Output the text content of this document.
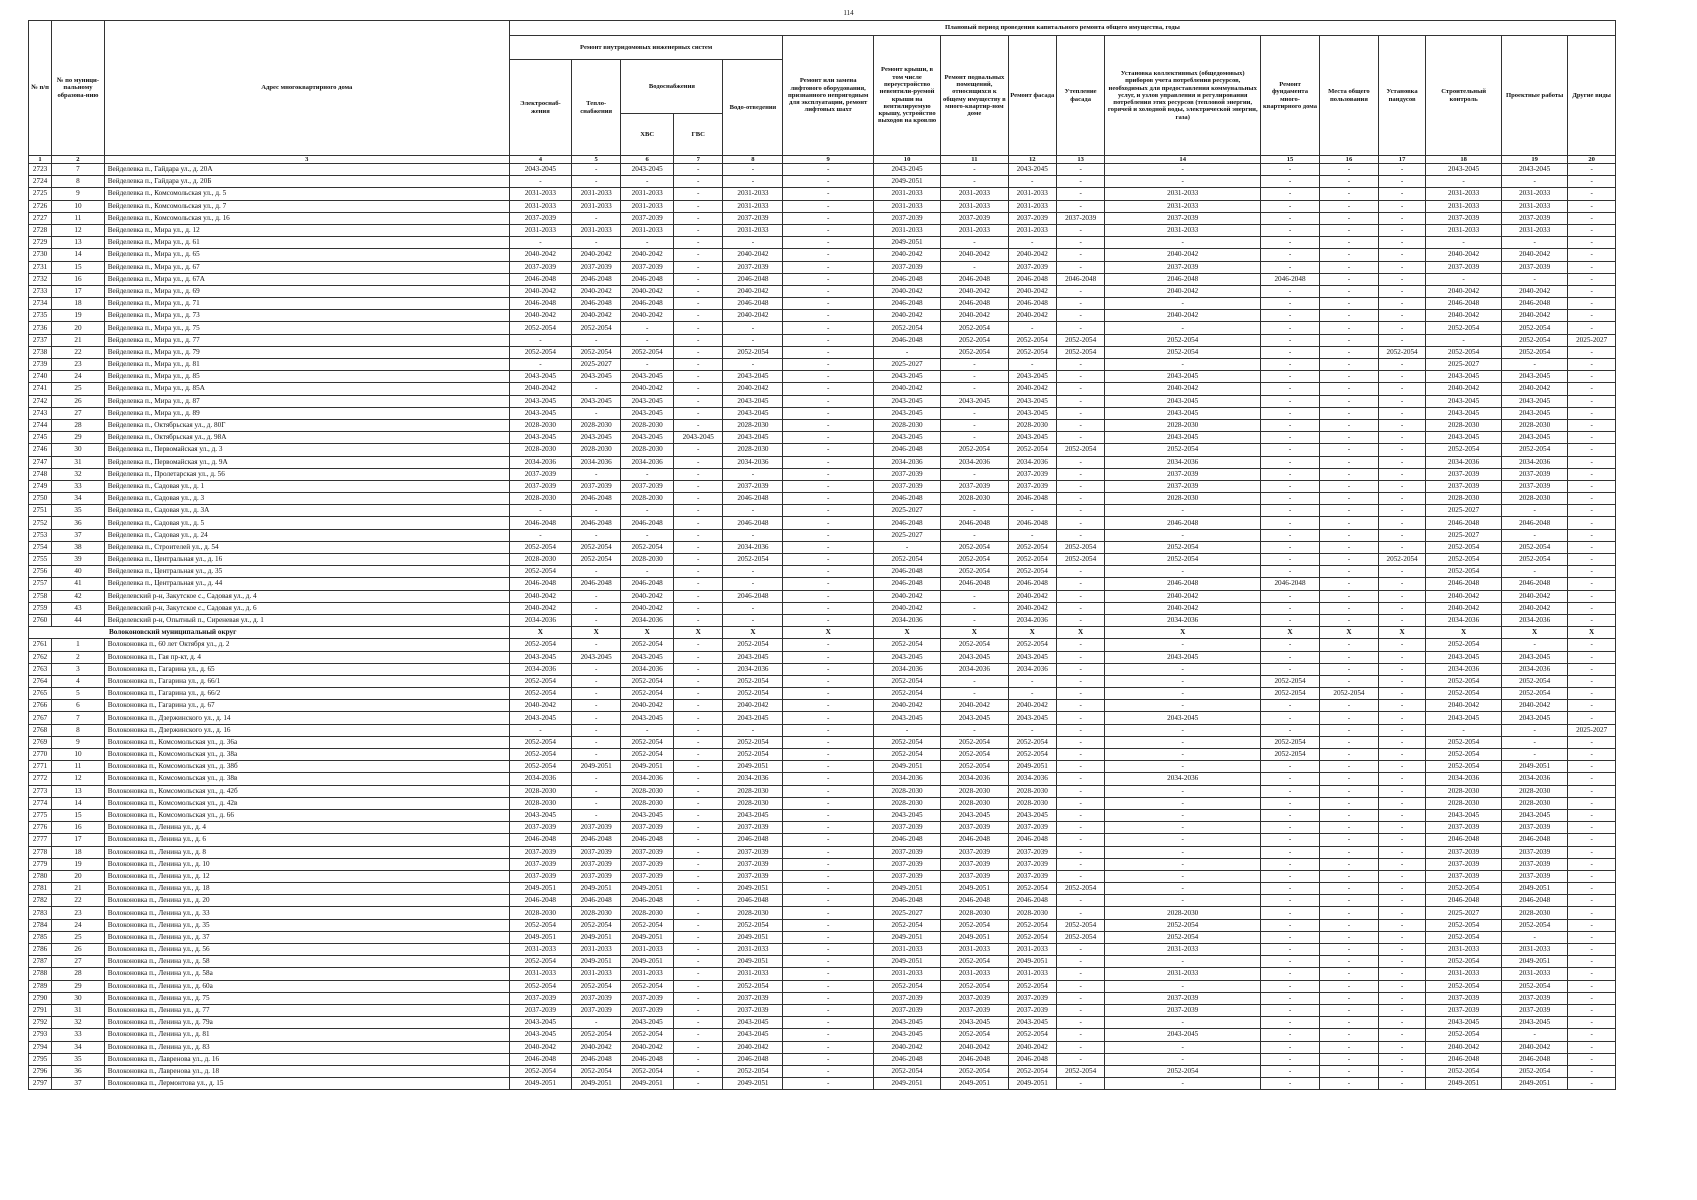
114
№ п/п	№ по муници-пальному образова-нию	Адрес многоквартирного дома	Плановый период проведения капитального ремонта общего имущества, годы																
			Ремонт внутридомовых инженерных систем					Ремонт или замена лифтового оборудования, признанного непригодным для эксплуатации, ремонт лифтовых шахт	Ремонт крыши, в том числе переустройство невентили-руемой крыши на вентилируемую крышу, устройство выходов на кровлю	Ремонт подвальных помещений, относящихся к общему имуществу в много-квартир-ном доме	Ремонт фасада	Утепление фасада	Установка коллективных (общедомовых) приборов учета потребления ресурсов, необходимых для предоставления коммунальных услуг, и узлов управления и регулирования потребления этих ресурсов (тепловой энергии, горячей и холодной воды, электрической энергии, газа)	Ремонт фундамента много-квартирного дома	Места общего пользования	Установка пандусов	Строительный контроль	Проектные работы	Другие виды
			Электроснаб-жения	Тепло-снабжения	Водоснабжения		Водо-отведения												
					ХВС	ГВС													
1	2	3	4	5	6	7	8	9	10	11	12	13	14	15	16	17	18	19	20
2723	7	Вейделевка п., Гайдара ул., д. 20А	2043-2045	-	2043-2045	-	-	-	2043-2045	-	2043-2045	-	-	-	-	-	2043-2045	2043-2045	-
2724	8	Вейделевка п., Гайдара ул., д. 20Б	-	-	-	-	-	-	2049-2051	-	-	-	-	-	-	-	-	-	-
2725	9	Вейделевка п., Комсомольская ул., д. 5	2031-2033	2031-2033	2031-2033	-	2031-2033	-	2031-2033	2031-2033	2031-2033	-	2031-2033	-	-	-	2031-2033	2031-2033	-
2726	10	Вейделевка п., Комсомольская ул., д. 7	2031-2033	2031-2033	2031-2033	-	2031-2033	-	2031-2033	2031-2033	2031-2033	-	2031-2033	-	-	-	2031-2033	2031-2033	-
2727	11	Вейделевка п., Комсомольская ул., д. 16	2037-2039	-	2037-2039	-	2037-2039	-	2037-2039	2037-2039	2037-2039	2037-2039	2037-2039	-	-	-	2037-2039	2037-2039	-
2728	12	Вейделевка п., Мира ул., д. 12	2031-2033	2031-2033	2031-2033	-	2031-2033	-	2031-2033	2031-2033	2031-2033	-	2031-2033	-	-	-	2031-2033	2031-2033	-
2729	13	Вейделевка п., Мира ул., д. 61	-	-	-	-	-	-	2049-2051	-	-	-	-	-	-	-	-	-	-
2730	14	Вейделевка п., Мира ул., д. 65	2040-2042	2040-2042	2040-2042	-	2040-2042	-	2040-2042	2040-2042	2040-2042	-	2040-2042	-	-	-	2040-2042	2040-2042	-
2731	15	Вейделевка п., Мира ул., д. 67	2037-2039	2037-2039	2037-2039	-	2037-2039	-	2037-2039	-	2037-2039	-	2037-2039	-	-	-	2037-2039	2037-2039	-
2732	16	Вейделевка п., Мира ул., д. 67А	2046-2048	2046-2048	2046-2048	-	2046-2048	-	2046-2048	2046-2048	2046-2048	2046-2048	2046-2048	2046-2048	-	-	-	-	-
2733	17	Вейделевка п., Мира ул., д. 69	2040-2042	2040-2042	2040-2042	-	2040-2042	-	2040-2042	2040-2042	2040-2042	-	2040-2042	-	-	-	2040-2042	2040-2042	-
2734	18	Вейделевка п., Мира ул., д. 71	2046-2048	2046-2048	2046-2048	-	2046-2048	-	2046-2048	2046-2048	2046-2048	-	-	-	-	-	2046-2048	2046-2048	-
2735	19	Вейделевка п., Мира ул., д. 73	2040-2042	2040-2042	2040-2042	-	2040-2042	-	2040-2042	2040-2042	2040-2042	-	2040-2042	-	-	-	2040-2042	2040-2042	-
2736	20	Вейделевка п., Мира ул., д. 75	2052-2054	2052-2054	-	-	-	-	2052-2054	2052-2054	-	-	-	-	-	-	2052-2054	2052-2054	-
2737	21	Вейделевка п., Мира ул., д. 77	-	-	-	-	-	-	2046-2048	2052-2054	2052-2054	2052-2054	2052-2054	-	-	-	-	2052-2054	2025-2027
2738	22	Вейделевка п., Мира ул., д. 79	2052-2054	2052-2054	2052-2054	-	2052-2054	-	-	2052-2054	2052-2054	2052-2054	2052-2054	-	-	2052-2054	2052-2054	2052-2054	-
2739	23	Вейделевка п., Мира ул., д. 81	-	2025-2027	-	-	-	-	2025-2027	-	-	-	-	-	-	-	2025-2027	-	-
2740	24	Вейделевка п., Мира ул., д. 85	2043-2045	2043-2045	2043-2045	-	2043-2045	-	2043-2045	-	2043-2045	-	2043-2045	-	-	-	2043-2045	2043-2045	-
2741	25	Вейделевка п., Мира ул., д. 85А	2040-2042	-	2040-2042	-	2040-2042	-	2040-2042	-	2040-2042	-	2040-2042	-	-	-	2040-2042	2040-2042	-
2742	26	Вейделевка п., Мира ул., д. 87	2043-2045	2043-2045	2043-2045	-	2043-2045	-	2043-2045	2043-2045	2043-2045	-	2043-2045	-	-	-	2043-2045	2043-2045	-
2743	27	Вейделевка п., Мира ул., д. 89	2043-2045	-	2043-2045	-	2043-2045	-	2043-2045	-	2043-2045	-	2043-2045	-	-	-	2043-2045	2043-2045	-
2744	28	Вейделевка п., Октябрьская ул., д. 80Г	2028-2030	2028-2030	2028-2030	-	2028-2030	-	2028-2030	-	2028-2030	-	2028-2030	-	-	-	2028-2030	2028-2030	-
2745	29	Вейделевка п., Октябрьская ул., д. 98А	2043-2045	2043-2045	2043-2045	2043-2045	2043-2045	-	2043-2045	-	2043-2045	-	2043-2045	-	-	-	2043-2045	2043-2045	-
2746	30	Вейделевка п., Первомайская ул., д. 3	2028-2030	2028-2030	2028-2030	-	2028-2030	-	2046-2048	2052-2054	2052-2054	2052-2054	2052-2054	-	-	-	2052-2054	2052-2054	-
2747	31	Вейделевка п., Первомайская ул., д. 9А	2034-2036	2034-2036	2034-2036	-	2034-2036	-	2034-2036	2034-2036	2034-2036	-	2034-2036	-	-	-	2034-2036	2034-2036	-
2748	32	Вейделевка п., Пролетарская ул., д. 56	2037-2039	-	-	-	-	-	2037-2039	-	2037-2039	-	2037-2039	-	-	-	2037-2039	2037-2039	-
2749	33	Вейделевка п., Садовая ул., д. 1	2037-2039	2037-2039	2037-2039	-	2037-2039	-	2037-2039	2037-2039	2037-2039	-	2037-2039	-	-	-	2037-2039	2037-2039	-
2750	34	Вейделевка п., Садовая ул., д. 3	2028-2030	2046-2048	2028-2030	-	2046-2048	-	2046-2048	2028-2030	2046-2048	-	2028-2030	-	-	-	2028-2030	2028-2030	-
2751	35	Вейделевка п., Садовая ул., д. 3А	-	-	-	-	-	-	2025-2027	-	-	-	-	-	-	-	2025-2027	-	-
2752	36	Вейделевка п., Садовая ул., д. 5	2046-2048	2046-2048	2046-2048	-	2046-2048	-	2046-2048	2046-2048	2046-2048	-	2046-2048	-	-	-	2046-2048	2046-2048	-
2753	37	Вейделевка п., Садовая ул., д. 24	-	-	-	-	-	-	2025-2027	-	-	-	-	-	-	-	2025-2027	-	-
2754	38	Вейделевка п., Строителей ул., д. 54	2052-2054	2052-2054	2052-2054	-	2034-2036	-	-	2052-2054	2052-2054	2052-2054	2052-2054	-	-	-	2052-2054	2052-2054	-
2755	39	Вейделевка п., Центральная ул., д. 16	2028-2030	2052-2054	2028-2030	-	2052-2054	-	2052-2054	2052-2054	2052-2054	2052-2054	2052-2054	-	-	2052-2054	2052-2054	2052-2054	-
2756	40	Вейделевка п., Центральная ул., д. 35	2052-2054	-	-	-	-	-	2046-2048	2052-2054	2052-2054	-	-	-	-	-	2052-2054	-	-
2757	41	Вейделевка п., Центральная ул., д. 44	2046-2048	2046-2048	2046-2048	-	-	-	2046-2048	2046-2048	2046-2048	-	2046-2048	2046-2048	-	-	2046-2048	2046-2048	-
2758	42	Вейделевский р-н, Закутское с., Садовая ул., д. 4	2040-2042	-	2040-2042	-	2046-2048	-	2040-2042	-	2040-2042	-	2040-2042	-	-	-	2040-2042	2040-2042	-
2759	43	Вейделевский р-н, Закутское с., Садовая ул., д. 6	2040-2042	-	2040-2042	-	-	-	2040-2042	-	2040-2042	-	2040-2042	-	-	-	2040-2042	2040-2042	-
2760	44	Вейделевский р-н, Опытный п., Сиреневая ул., д. 1	2034-2036	-	2034-2036	-	-	-	2034-2036	-	2034-2036	-	2034-2036	-	-	-	2034-2036	2034-2036	-
Волоконовский муниципальный округ			X	X	X	X	X	X	X	X	X	X	X	X	X	X	X	X	X
2761	1	Волоконовка п., 60 лет Октября ул., д. 2	2052-2054	-	2052-2054	-	2052-2054	-	2052-2054	2052-2054	2052-2054	-	-	-	-	-	2052-2054	-	-
2762	2	Волоконовка п., Гая пр-кт, д. 4	2043-2045	2043-2045	2043-2045	-	2043-2045	-	2043-2045	2043-2045	2043-2045	-	2043-2045	-	-	-	2043-2045	2043-2045	-
2763	3	Волоконовка п., Гагарина ул., д. 65	2034-2036	-	2034-2036	-	2034-2036	-	2034-2036	2034-2036	2034-2036	-	-	-	-	-	2034-2036	2034-2036	-
2764	4	Волоконовка п., Гагарина ул., д. 66/1	2052-2054	-	2052-2054	-	2052-2054	-	2052-2054	-	-	-	-	2052-2054	-	-	2052-2054	2052-2054	-
2765	5	Волоконовка п., Гагарина ул., д. 66/2	2052-2054	-	2052-2054	-	2052-2054	-	2052-2054	-	-	-	-	2052-2054	2052-2054	-	2052-2054	2052-2054	-
2766	6	Волоконовка п., Гагарина ул., д. 67	2040-2042	-	2040-2042	-	2040-2042	-	2040-2042	2040-2042	2040-2042	-	-	-	-	-	2040-2042	2040-2042	-
2767	7	Волоконовка п., Дзержинского ул., д. 14	2043-2045	-	2043-2045	-	2043-2045	-	2043-2045	2043-2045	2043-2045	-	2043-2045	-	-	-	2043-2045	2043-2045	-
2768	8	Волоконовка п., Дзержинского ул., д. 16	-	-	-	-	-	-	-	-	-	-	-	-	-	-	-	-	2025-2027
2769	9	Волоконовка п., Комсомольская ул., д. 36а	2052-2054	-	2052-2054	-	2052-2054	-	2052-2054	2052-2054	2052-2054	-	-	2052-2054	-	-	2052-2054	-	-
2770	10	Волоконовка п., Комсомольская ул., д. 38а	2052-2054	-	2052-2054	-	2052-2054	-	2052-2054	2052-2054	2052-2054	-	-	2052-2054	-	-	2052-2054	-	-
2771	11	Волоконовка п., Комсомольская ул., д. 38б	2052-2054	2049-2051	2049-2051	-	2049-2051	-	2049-2051	2052-2054	2049-2051	-	-	-	-	-	2052-2054	2049-2051	-
2772	12	Волоконовка п., Комсомольская ул., д. 38в	2034-2036	-	2034-2036	-	2034-2036	-	2034-2036	2034-2036	2034-2036	-	2034-2036	-	-	-	2034-2036	2034-2036	-
2773	13	Волоконовка п., Комсомольская ул., д. 42б	2028-2030	-	2028-2030	-	2028-2030	-	2028-2030	2028-2030	2028-2030	-	-	-	-	-	2028-2030	2028-2030	-
2774	14	Волоконовка п., Комсомольская ул., д. 42в	2028-2030	-	2028-2030	-	2028-2030	-	2028-2030	2028-2030	2028-2030	-	-	-	-	-	2028-2030	2028-2030	-
2775	15	Волоконовка п., Комсомольская ул., д. 66	2043-2045	-	2043-2045	-	2043-2045	-	2043-2045	2043-2045	2043-2045	-	-	-	-	-	2043-2045	2043-2045	-
2776	16	Волоконовка п., Ленина ул., д. 4	2037-2039	2037-2039	2037-2039	-	2037-2039	-	2037-2039	2037-2039	2037-2039	-	-	-	-	-	2037-2039	2037-2039	-
2777	17	Волоконовка п., Ленина ул., д. 6	2046-2048	2046-2048	2046-2048	-	2046-2048	-	2046-2048	2046-2048	2046-2048	-	-	-	-	-	2046-2048	2046-2048	-
2778	18	Волоконовка п., Ленина ул., д. 8	2037-2039	2037-2039	2037-2039	-	2037-2039	-	2037-2039	2037-2039	2037-2039	-	-	-	-	-	2037-2039	2037-2039	-
2779	19	Волоконовка п., Ленина ул., д. 10	2037-2039	2037-2039	2037-2039	-	2037-2039	-	2037-2039	2037-2039	2037-2039	-	-	-	-	-	2037-2039	2037-2039	-
2780	20	Волоконовка п., Ленина ул., д. 12	2037-2039	2037-2039	2037-2039	-	2037-2039	-	2037-2039	2037-2039	2037-2039	-	-	-	-	-	2037-2039	2037-2039	-
2781	21	Волоконовка п., Ленина ул., д. 18	2049-2051	2049-2051	2049-2051	-	2049-2051	-	2049-2051	2049-2051	2052-2054	2052-2054	-	-	-	-	2052-2054	2049-2051	-
2782	22	Волоконовка п., Ленина ул., д. 20	2046-2048	2046-2048	2046-2048	-	2046-2048	-	2046-2048	2046-2048	2046-2048	-	-	-	-	-	2046-2048	2046-2048	-
2783	23	Волоконовка п., Ленина ул., д. 33	2028-2030	2028-2030	2028-2030	-	2028-2030	-	2025-2027	2028-2030	2028-2030	-	2028-2030	-	-	-	2025-2027	2028-2030	-
2784	24	Волоконовка п., Ленина ул., д. 35	2052-2054	2052-2054	2052-2054	-	2052-2054	-	2052-2054	2052-2054	2052-2054	2052-2054	2052-2054	-	-	-	2052-2054	2052-2054	-
2785	25	Волоконовка п., Ленина ул., д. 37	2049-2051	2049-2051	2049-2051	-	2049-2051	-	2049-2051	2049-2051	2052-2054	2052-2054	2052-2054	-	-	-	2052-2054	-	-
2786	26	Волоконовка п., Ленина ул., д. 56	2031-2033	2031-2033	2031-2033	-	2031-2033	-	2031-2033	2031-2033	2031-2033	-	2031-2033	-	-	-	2031-2033	2031-2033	-
2787	27	Волоконовка п., Ленина ул., д. 58	2052-2054	2049-2051	2049-2051	-	2049-2051	-	2049-2051	2052-2054	2049-2051	-	-	-	-	-	2052-2054	2049-2051	-
2788	28	Волоконовка п., Ленина ул., д. 58а	2031-2033	2031-2033	2031-2033	-	2031-2033	-	2031-2033	2031-2033	2031-2033	-	2031-2033	-	-	-	2031-2033	2031-2033	-
2789	29	Волоконовка п., Ленина ул., д. 60а	2052-2054	2052-2054	2052-2054	-	2052-2054	-	2052-2054	2052-2054	2052-2054	-	-	-	-	-	2052-2054	2052-2054	-
2790	30	Волоконовка п., Ленина ул., д. 75	2037-2039	2037-2039	2037-2039	-	2037-2039	-	2037-2039	2037-2039	2037-2039	-	2037-2039	-	-	-	2037-2039	2037-2039	-
2791	31	Волоконовка п., Ленина ул., д. 77	2037-2039	2037-2039	2037-2039	-	2037-2039	-	2037-2039	2037-2039	2037-2039	-	2037-2039	-	-	-	2037-2039	2037-2039	-
2792	32	Волоконовка п., Ленина ул., д. 79а	2043-2045	-	2043-2045	-	2043-2045	-	2043-2045	2043-2045	2043-2045	-	-	-	-	-	2043-2045	2043-2045	-
2793	33	Волоконовка п., Ленина ул., д. 81	2043-2045	2052-2054	2052-2054	-	2043-2045	-	2043-2045	2052-2054	2052-2054	-	2043-2045	-	-	-	2052-2054	-	-
2794	34	Волоконовка п., Ленина ул., д. 83	2040-2042	2040-2042	2040-2042	-	2040-2042	-	2040-2042	2040-2042	2040-2042	-	-	-	-	-	2040-2042	2040-2042	-
2795	35	Волоконовка п., Лавренова ул., д. 16	2046-2048	2046-2048	2046-2048	-	2046-2048	-	2046-2048	2046-2048	2046-2048	-	-	-	-	-	2046-2048	2046-2048	-
2796	36	Волоконовка п., Лавренова ул., д. 18	2052-2054	2052-2054	2052-2054	-	2052-2054	-	2052-2054	2052-2054	2052-2054	2052-2054	2052-2054	-	-	-	2052-2054	2052-2054	-
2797	37	Волоконовка п., Лермонтова ул., д. 15	2049-2051	2049-2051	2049-2051	-	2049-2051	-	2049-2051	2049-2051	2049-2051	-	-	-	-	-	2049-2051	2049-2051	-
